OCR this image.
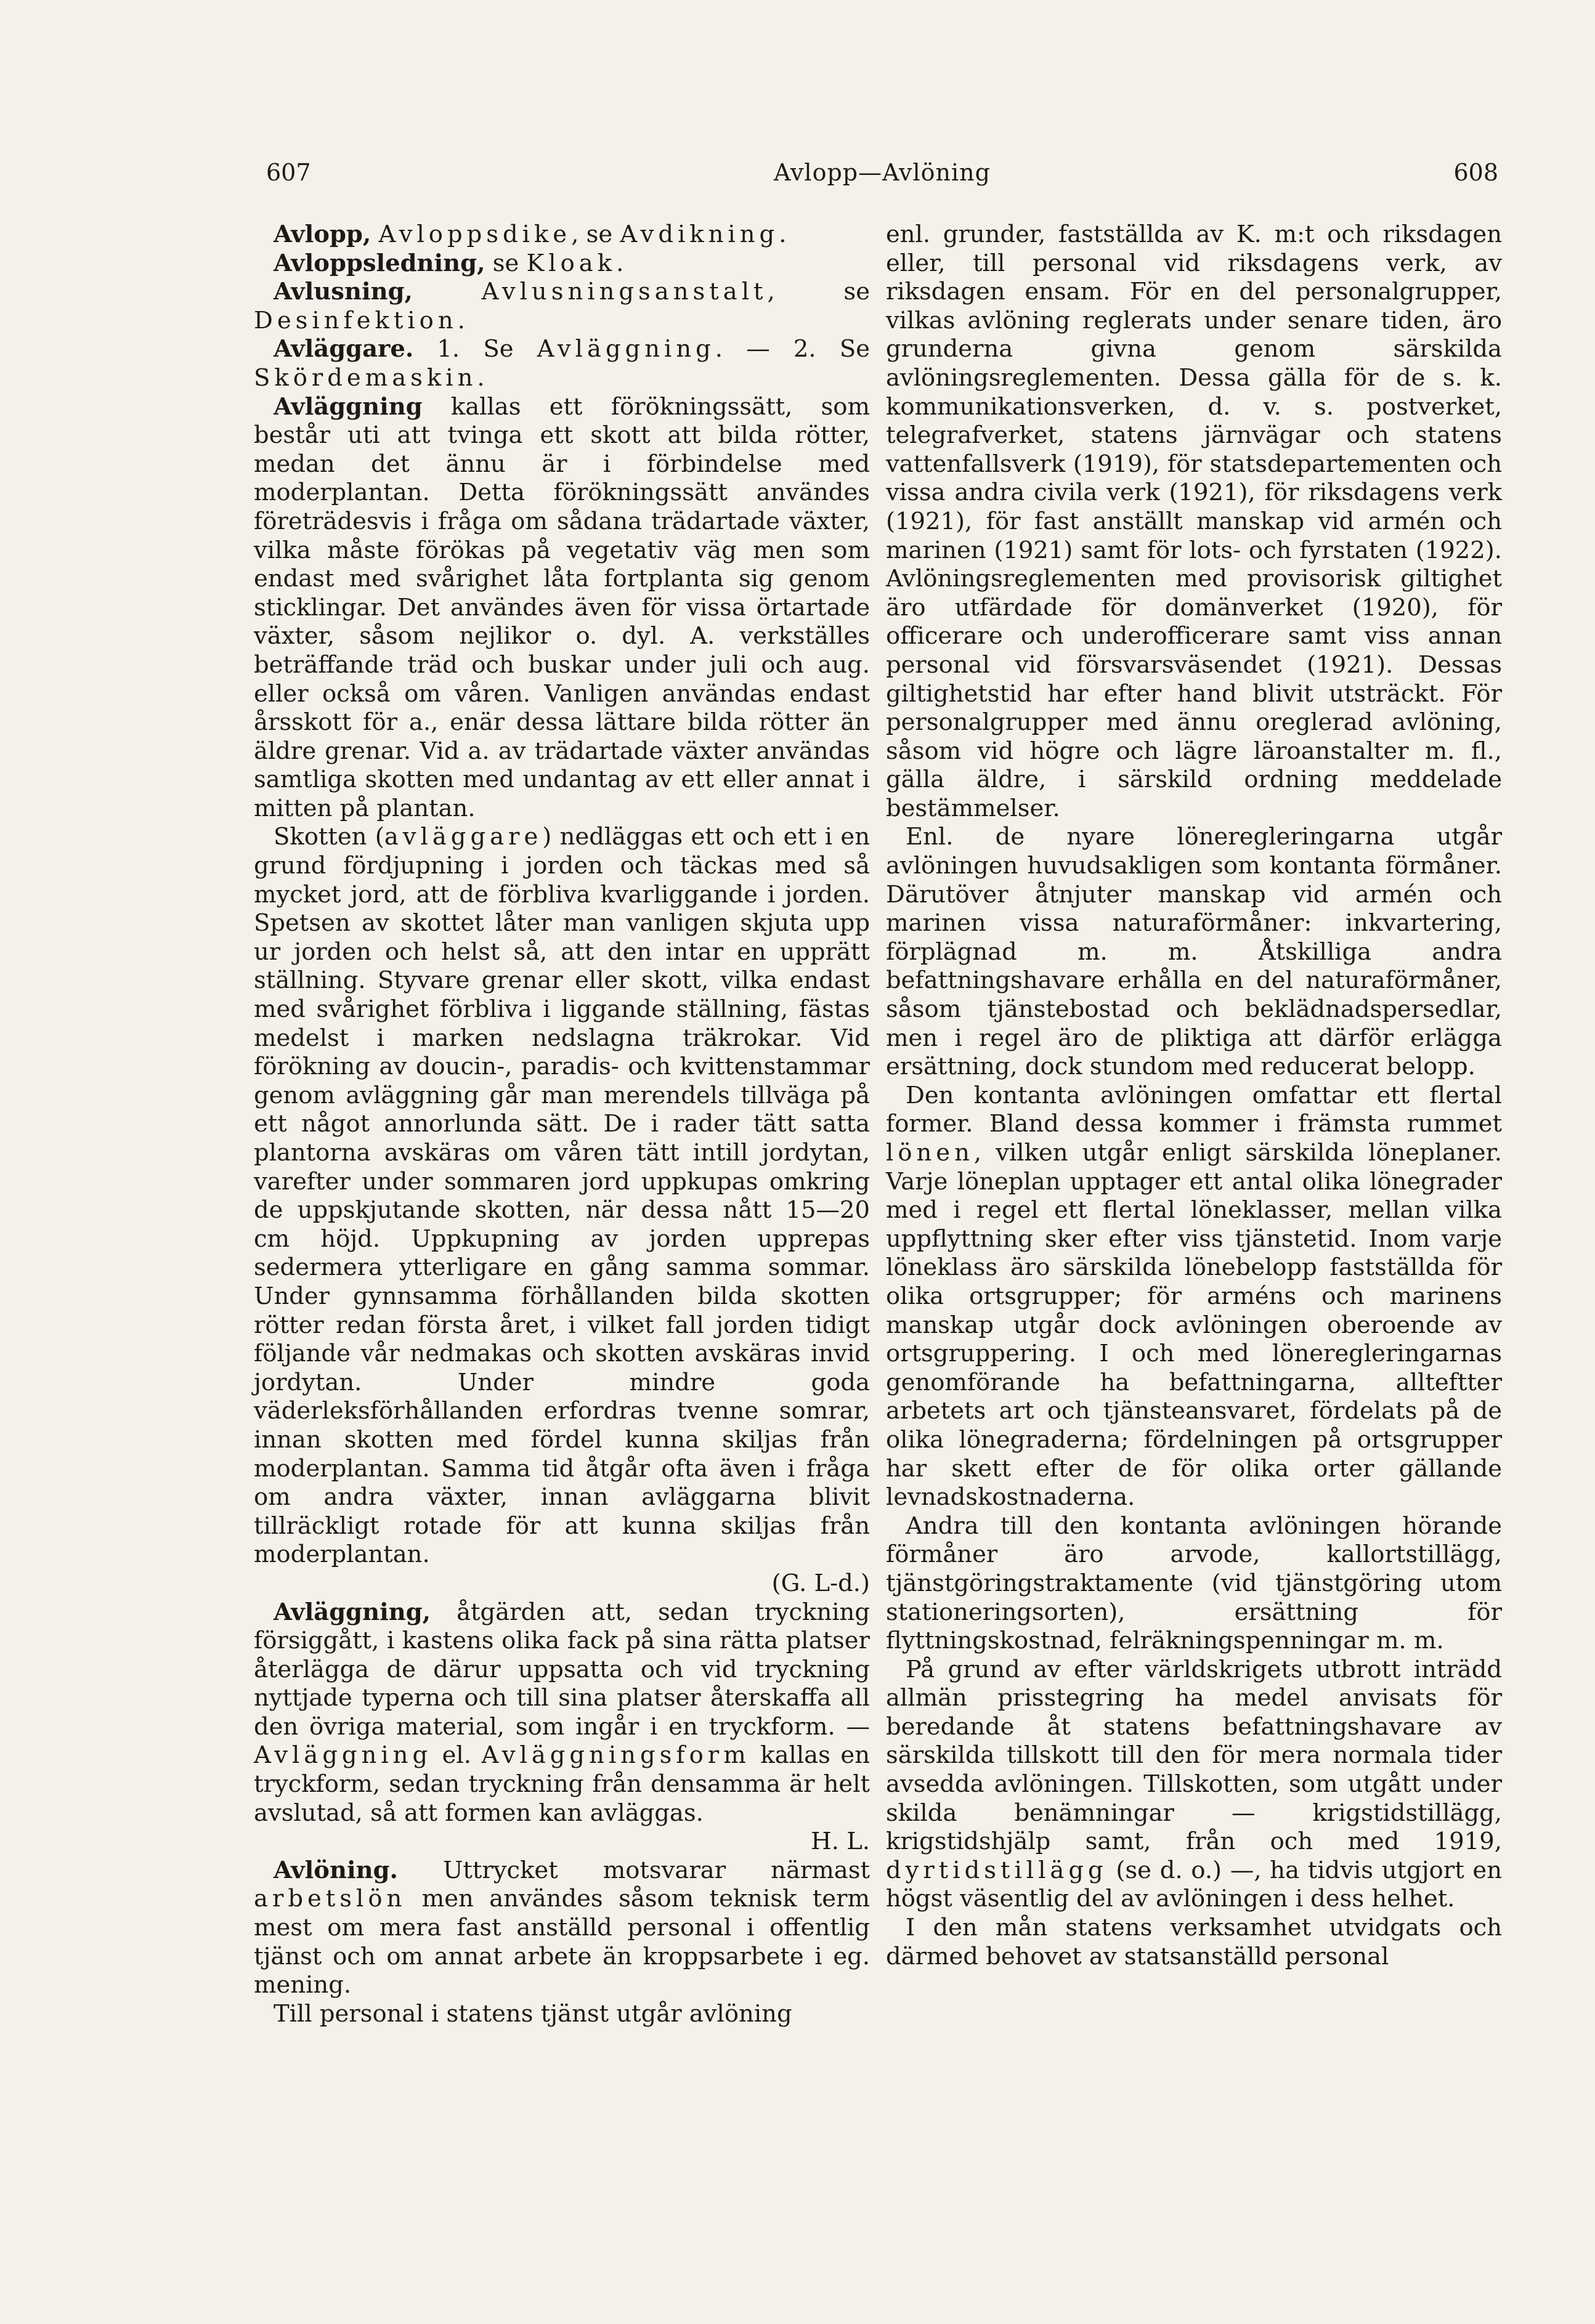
607	Avlopp—Avlöning	608

Avlopp, Avloppsdike, se Avdikning.

Avloppsledning, se Kloak.

Avlusning,	Avlusningsanstalt, se Desinfektion.

Avläggare. 1. Se Avläggning. — 2. Se Skördemaskin.

Avläggning kallas ett förökningssätt, som består uti att tvinga ett skott att bilda rötter, medan det ännu är i förbindelse med moderplantan. Detta förökningssätt användes företrädesvis i fråga om sådana trädartade växter, vilka måste förökas på vegetativ väg men som endast med svårighet låta fortplanta sig genom sticklingar. Det användes även för vissa örtartade växter, såsom nejlikor o. dyl. A. verkställes beträffande träd och buskar under juli och aug. eller också om våren. Vanligen användas endast årsskott för a., enär dessa lättare bilda rötter än äldre grenar. Vid a. av trädartade växter användas samtliga skotten med undantag av ett eller annat i mitten på plantan.

Skotten (avläggare) nedläggas ett och ett i en grund fördjupning i jorden och täckas med så mycket jord, att de förbliva kvarliggande i jorden. Spetsen av skottet låter man vanligen skjuta upp ur jorden och helst så, att den intar en upprätt ställning. Styvare grenar eller skott, vilka endast med svårighet förbliva i liggande ställning, fästas medelst i marken nedslagna träkrokar. Vid förökning av doucin-, paradis- och kvittenstammar genom avläggning går man merendels tillväga på ett något annorlunda sätt. De i rader tätt satta plantorna avskäras om våren tätt intill jordytan, varefter under sommaren jord uppkupas omkring de uppskjutande skotten, när dessa nått 15—20 cm höjd. Uppkupning av jorden upprepas sedermera ytterligare en gång samma sommar. Under gynnsamma förhållanden bilda skotten rötter redan första året, i vilket fall jorden tidigt följande vår nedmakas och skotten avskäras invid jordytan. Under mindre goda väderleksförhållanden erfordras tvenne somrar, innan skotten med fördel kunna skiljas från moderplantan. Samma tid åtgår ofta även i fråga om andra växter, innan avläggarna blivit tillräckligt rotade för att kunna skiljas från moderplantan.

(G. L-d.)

Avläggning, åtgärden att, sedan tryckning försiggått, i kastens olika fack på sina rätta platser återlägga de därur uppsatta och vid tryckning nyttjade typerna och till sina platser återskaffa all den övriga material, som ingår i en tryckform. — Avläggning el. Avläggningsform kallas en tryckform, sedan tryckning från densamma är helt avslutad, så att formen kan avläggas.

H. L.

Avlöning. Uttrycket motsvarar närmast arbetslön men användes såsom teknisk term mest om mera fast anställd personal i offentlig tjänst och om annat arbete än kroppsarbete i eg. mening.

Till personal i statens tjänst utgår avlöning

enl. grunder, fastställda av K. m:t och riksdagen eller, till personal vid riksdagens verk, av riksdagen ensam. För en del personalgrupper, vilkas avlöning reglerats under senare tiden, äro grunderna givna genom särskilda avlöningsreglementen. Dessa gälla för de s. k. kommunikationsverken, d. v. s. postverket, telegrafverket, statens järnvägar och statens vattenfallsverk (1919), för statsdepartementen och vissa andra civila verk (1921), för riksdagens verk (1921), för fast anställt manskap vid armén och marinen (1921) samt för lots- och fyrstaten (1922). Avlöningsreglementen med provisorisk giltighet äro utfärdade för domänverket (1920), för officerare och underofficerare samt viss annan personal vid försvarsväsendet (1921). Dessas giltighetstid har efter hand blivit utsträckt. För personalgrupper med ännu oreglerad avlöning, såsom vid högre och lägre läroanstalter m. fl., gälla äldre, i särskild ordning meddelade bestämmelser.

Enl. de nyare löneregleringarna utgår avlöningen huvudsakligen som kontanta förmåner. Därutöver åtnjuter manskap vid armén och marinen vissa naturaförmåner: inkvartering, förplägnad m. m. Åtskilliga andra befattningshavare erhålla en del naturaförmåner, såsom tjänstebostad och beklädnadspersedlar, men i regel äro de pliktiga att därför erlägga ersättning, dock stundom med reducerat belopp.

Den kontanta avlöningen omfattar ett flertal former. Bland dessa kommer i främsta rummet lönen, vilken utgår enligt särskilda löneplaner. Varje löneplan upptager ett antal olika lönegrader med i regel ett flertal löneklasser, mellan vilka uppflyttning sker efter viss tjänstetid. Inom varje löneklass äro särskilda lönebelopp fastställda för olika ortsgrupper; för arméns och marinens manskap utgår dock avlöningen oberoende av ortsgruppering. I och med löneregleringarnas genomförande ha befattningarna, allteftter arbetets art och tjänsteansvaret, fördelats på de olika lönegraderna; fördelningen på ortsgrupper har skett efter de för olika orter gällande levnadskostnaderna.

Andra till den kontanta avlöningen hörande förmåner äro arvode, kallortstillägg, tjänstgöringstraktamente (vid tjänstgöring utom stationeringsorten), ersättning för flyttningskostnad, felräkningspenningar m. m.

På grund av efter världskrigets utbrott inträdd allmän prisstegring ha medel anvisats för beredande åt statens befattningshavare av särskilda tillskott till den för mera normala tider avsedda avlöningen. Tillskotten, som utgått under skilda benämningar — krigstidstillägg, krigstidshjälp samt, från och med 1919, dyrtidstillägg (se d. o.) —, ha tidvis utgjort en högst väsentlig del av avlöningen i dess helhet.

I den mån statens verksamhet utvidgats och därmed behovet av statsanställd personal
